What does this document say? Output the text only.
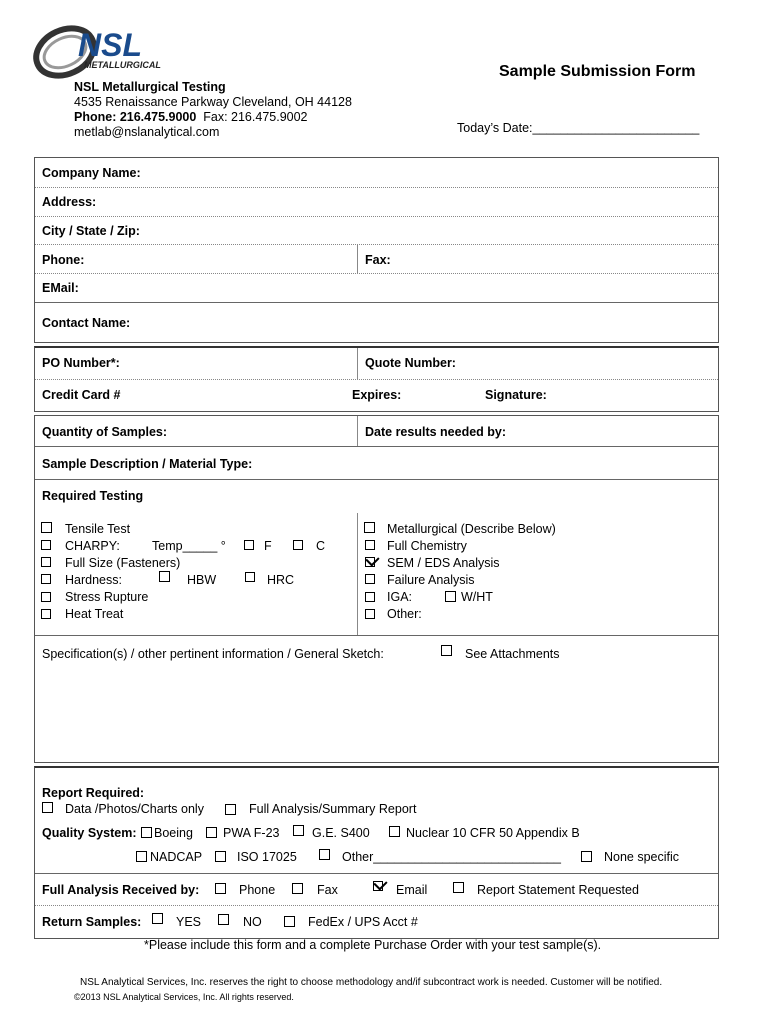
NSL
METALLURGICAL	Sample Submission Form
NSL Metallurgical Testing
4535 Renaissance Parkway Cleveland, OH 44128
Phone: 216.475.9000 Fax: 216.475.9002
metlab@nslanalytical.com	Today’s Date:________________________
Company Name:
Address:
City / State / Zip:
Phone:	Fax:
EMail:
Contact Name:
PO Number*:	Quote Number:
Credit Card #	Expires:	Signature:
Quantity of Samples:	Date results needed by:
Sample Description / Material Type:
Required Testing
Tensile Test
CHARPY:	Temp_____ °	F	C
Full Size (Fasteners)
Hardness:	HBW	HRC
Stress Rupture
Heat Treat
Metallurgical (Describe Below)
Full Chemistry
SEM / EDS Analysis
Failure Analysis
IGA:	W/HT
Other:
Specification(s) / other pertinent information / General Sketch:	See Attachments
Report Required:
Data /Photos/Charts only	Full Analysis/Summary Report
Quality System: Boeing PWA F-23	G.E. S400	Nuclear 10 CFR 50 Appendix B
NADCAP	ISO 17025	Other___________________________	None specific
Full Analysis Received by:	Phone	Fax	Email	Report Statement Requested
Return Samples:	YES	NO	FedEx / UPS Acct #
*Please include this form and a complete Purchase Order with your test sample(s).
NSL Analytical Services, Inc. reserves the right to choose methodology and/if subcontract work is needed. Customer will be notified.
©2013 NSL Analytical Services, Inc. All rights reserved.
